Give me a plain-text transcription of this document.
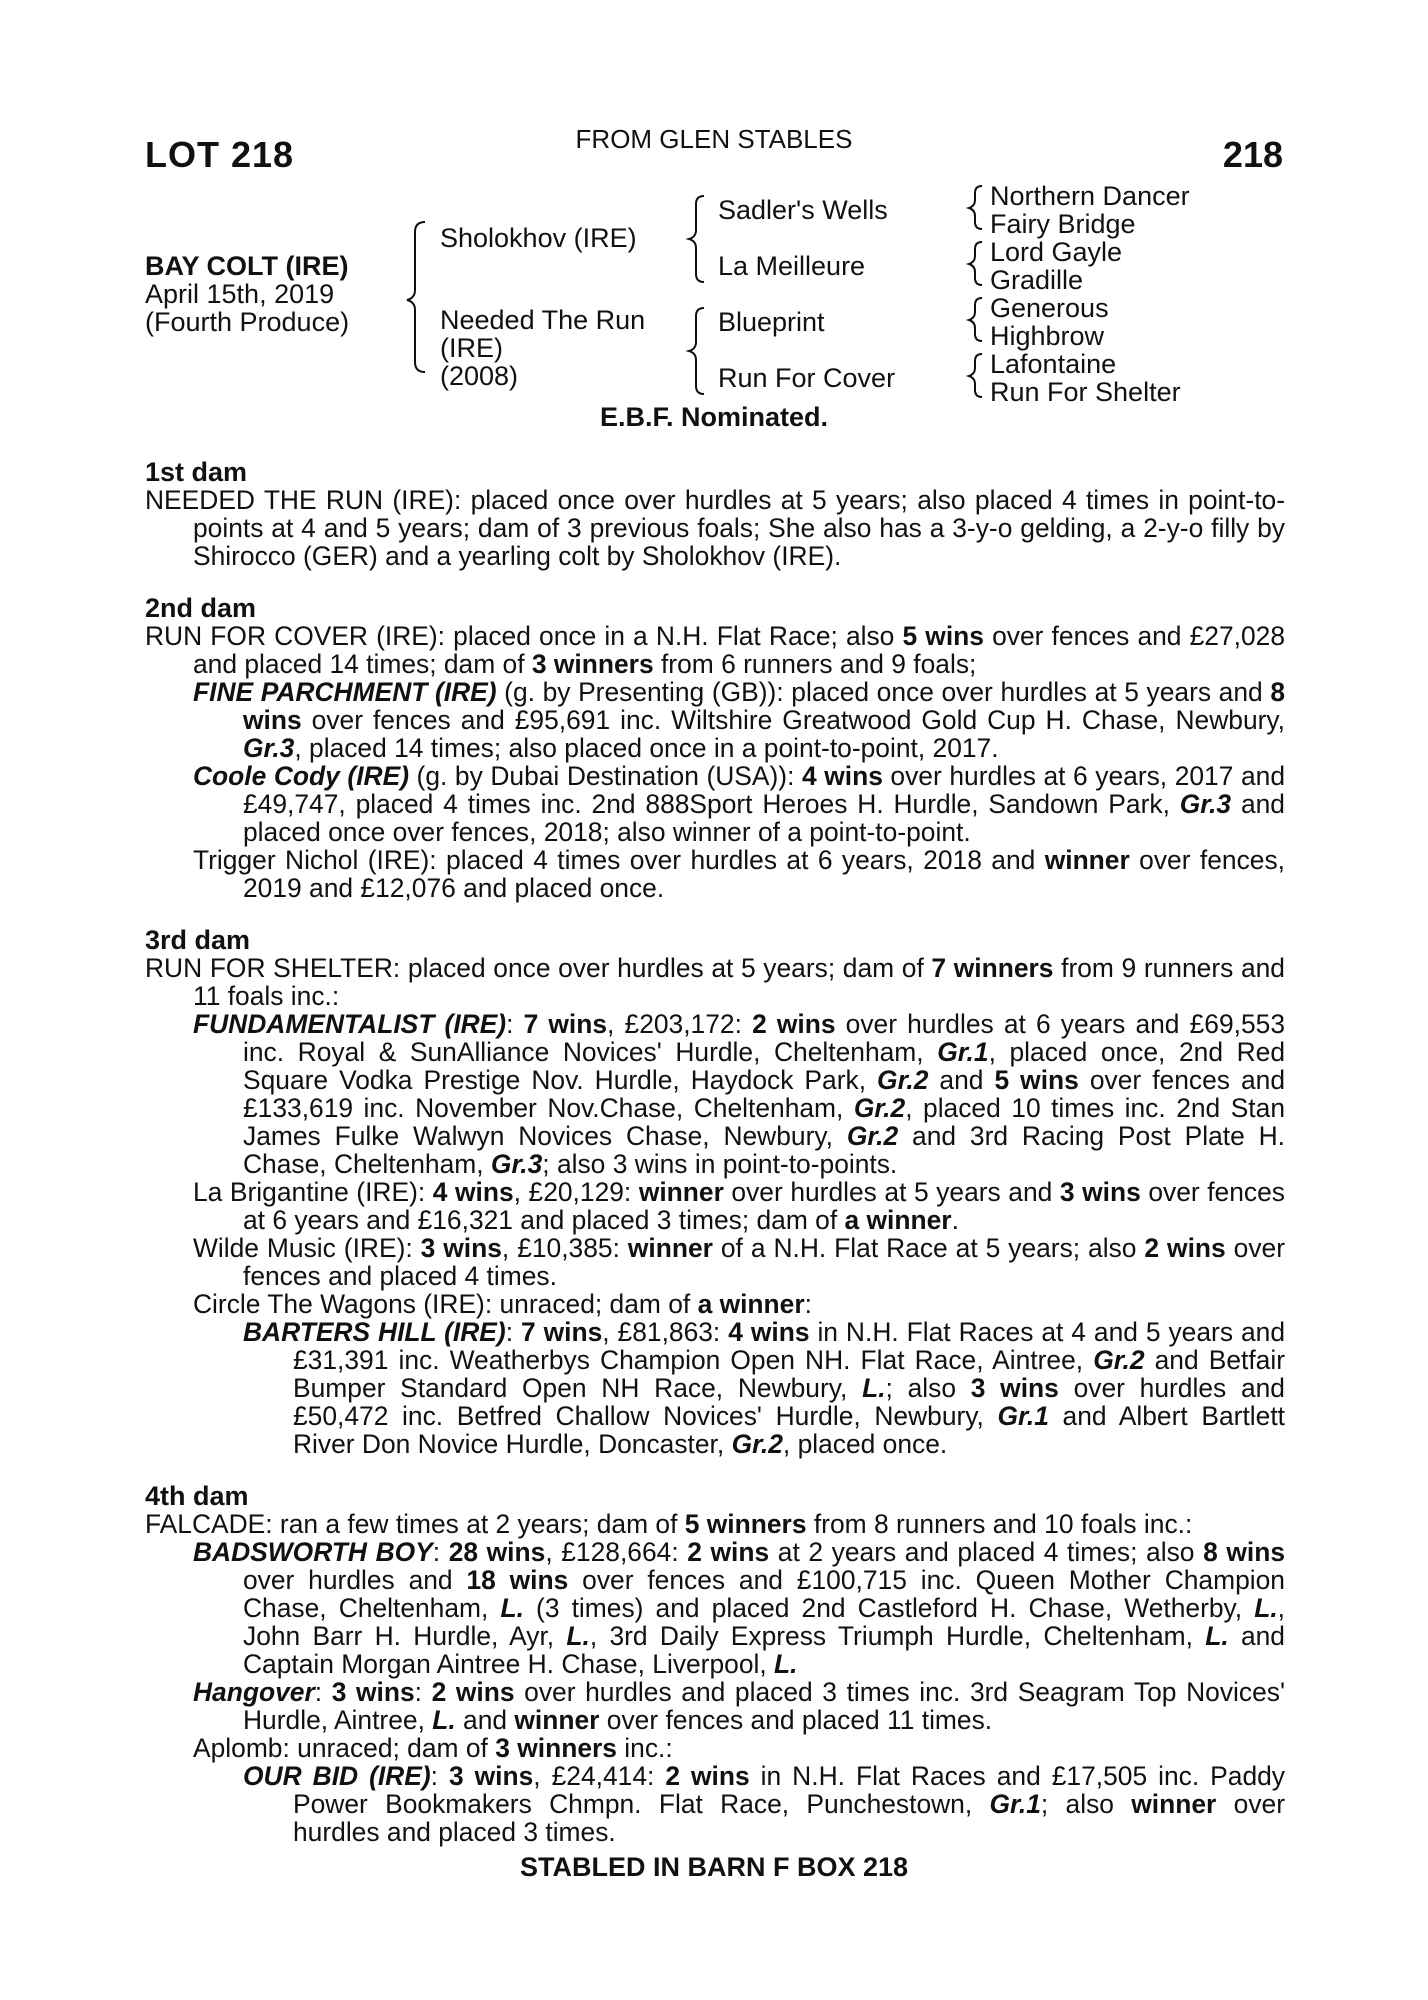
LOT 218	FROM GLEN STABLES	218
BAY COLT (IRE)
April 15th, 2019
(Fourth Produce)
Sholokhov (IRE)
Needed The Run
(IRE)
(2008)
Sadler's Wells
La Meilleure
Blueprint
Run For Cover
Northern Dancer
Fairy Bridge
Lord Gayle
Gradille
Generous
Highbrow
Lafontaine
Run For Shelter
E.B.F. Nominated.
1st dam
NEEDED THE RUN (IRE): placed once over hurdles at 5 years; also placed 4 times in point-to-points at 4 and 5 years; dam of 3 previous foals; She also has a 3-y-o gelding, a 2-y-o filly by Shirocco (GER) and a yearling colt by Sholokhov (IRE).
2nd dam
RUN FOR COVER (IRE): placed once in a N.H. Flat Race; also 5 wins over fences and £27,028 and placed 14 times; dam of 3 winners from 6 runners and 9 foals;
FINE PARCHMENT (IRE) (g. by Presenting (GB)): placed once over hurdles at 5 years and 8 wins over fences and £95,691 inc. Wiltshire Greatwood Gold Cup H. Chase, Newbury, Gr.3, placed 14 times; also placed once in a point-to-point, 2017.
Coole Cody (IRE) (g. by Dubai Destination (USA)): 4 wins over hurdles at 6 years, 2017 and £49,747, placed 4 times inc. 2nd 888Sport Heroes H. Hurdle, Sandown Park, Gr.3 and placed once over fences, 2018; also winner of a point-to-point.
Trigger Nichol (IRE): placed 4 times over hurdles at 6 years, 2018 and winner over fences, 2019 and £12,076 and placed once.
3rd dam
RUN FOR SHELTER: placed once over hurdles at 5 years; dam of 7 winners from 9 runners and 11 foals inc.:
FUNDAMENTALIST (IRE): 7 wins, £203,172: 2 wins over hurdles at 6 years and £69,553 inc. Royal & SunAlliance Novices' Hurdle, Cheltenham, Gr.1, placed once, 2nd Red Square Vodka Prestige Nov. Hurdle, Haydock Park, Gr.2 and 5 wins over fences and £133,619 inc. November Nov.Chase, Cheltenham, Gr.2, placed 10 times inc. 2nd Stan James Fulke Walwyn Novices Chase, Newbury, Gr.2 and 3rd Racing Post Plate H. Chase, Cheltenham, Gr.3; also 3 wins in point-to-points.
La Brigantine (IRE): 4 wins, £20,129: winner over hurdles at 5 years and 3 wins over fences at 6 years and £16,321 and placed 3 times; dam of a winner.
Wilde Music (IRE): 3 wins, £10,385: winner of a N.H. Flat Race at 5 years; also 2 wins over fences and placed 4 times.
Circle The Wagons (IRE): unraced; dam of a winner:
BARTERS HILL (IRE): 7 wins, £81,863: 4 wins in N.H. Flat Races at 4 and 5 years and £31,391 inc. Weatherbys Champion Open NH. Flat Race, Aintree, Gr.2 and Betfair Bumper Standard Open NH Race, Newbury, L.; also 3 wins over hurdles and £50,472 inc. Betfred Challow Novices' Hurdle, Newbury, Gr.1 and Albert Bartlett River Don Novice Hurdle, Doncaster, Gr.2, placed once.
4th dam
FALCADE: ran a few times at 2 years; dam of 5 winners from 8 runners and 10 foals inc.:
BADSWORTH BOY: 28 wins, £128,664: 2 wins at 2 years and placed 4 times; also 8 wins over hurdles and 18 wins over fences and £100,715 inc. Queen Mother Champion Chase, Cheltenham, L. (3 times) and placed 2nd Castleford H. Chase, Wetherby, L., John Barr H. Hurdle, Ayr, L., 3rd Daily Express Triumph Hurdle, Cheltenham, L. and Captain Morgan Aintree H. Chase, Liverpool, L.
Hangover: 3 wins: 2 wins over hurdles and placed 3 times inc. 3rd Seagram Top Novices' Hurdle, Aintree, L. and winner over fences and placed 11 times.
Aplomb: unraced; dam of 3 winners inc.:
OUR BID (IRE): 3 wins, £24,414: 2 wins in N.H. Flat Races and £17,505 inc. Paddy Power Bookmakers Chmpn. Flat Race, Punchestown, Gr.1; also winner over hurdles and placed 3 times.
STABLED IN BARN F BOX 218
